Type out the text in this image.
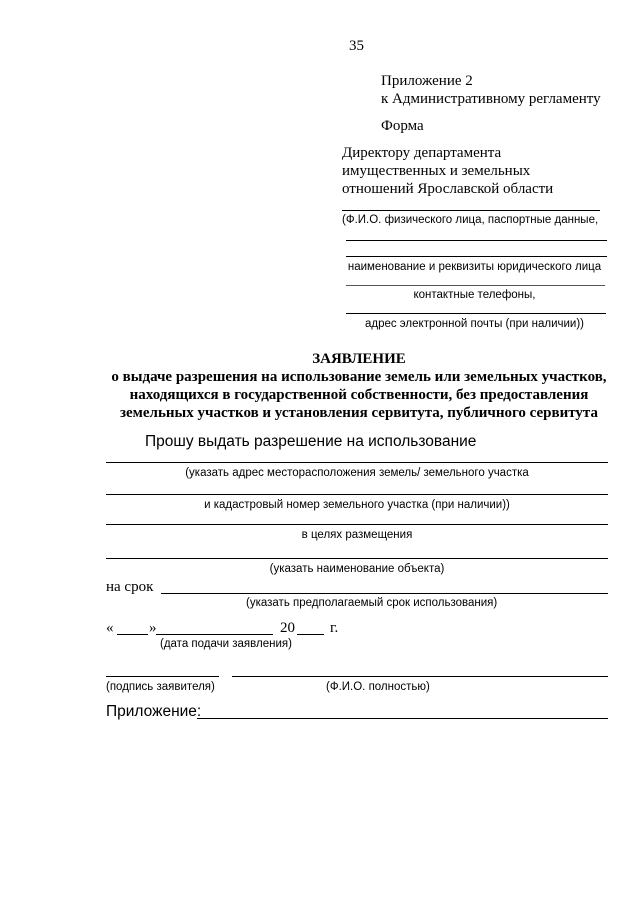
35
Приложение 2
к Административному регламенту
Форма
Директору департамента
имущественных и земельных
отношений Ярославской области
(Ф.И.О. физического лица, паспортные данные,
наименование и реквизиты юридического лица
контактные телефоны,
адрес электронной почты (при наличии))
ЗАЯВЛЕНИЕ
о выдаче разрешения на использование земель или земельных участков,
находящихся в государственной собственности, без предоставления
земельных участков и установления сервитута, публичного сервитута
Прошу выдать разрешение на использование
(указать адрес месторасположения земель/ земельного участка
и кадастровый номер земельного участка (при наличии))
в целях размещения
(указать наименование объекта)
на срок
(указать предполагаемый срок использования)
« »	20 г.
(дата подачи заявления)
(подпись заявителя)	(Ф.И.О. полностью)
Приложение:
